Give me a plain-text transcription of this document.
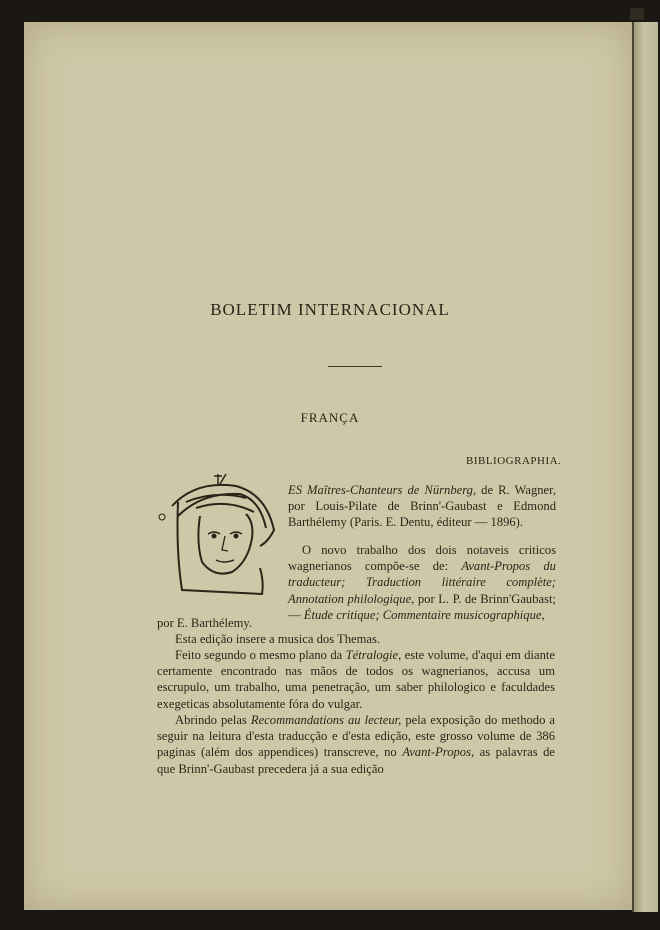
BOLETIM INTERNACIONAL
FRANÇA
BIBLIOGRAPHIA.
ES Maîtres-Chanteurs de Nürnberg, de R. Wagner, por Louis-Pilate de Brinn'-Gaubast e Edmond Barthélemy (Paris. E. Dentu, éditeur — 1896).
O novo trabalho dos dois notaveis criticos wagnerianos compõe-se de: Avant-Propos du traducteur; Traduction littéraire complète; Annotation philologique, por L. P. de Brinn'Gaubast; — Étude critique; Commentaire musicographique,
por E. Barthélemy.
Esta edição insere a musica dos Themas.
Feito segundo o mesmo plano da Tétralogie, este volume, d'aqui em diante certamente encontrado nas mãos de todos os wagnerianos, accusa um escrupulo, um trabalho, uma penetração, um saber philologico e faculdades exegeticas absolutamente fóra do vulgar.
Abrindo pelas Recommandations au lecteur, pela exposição do methodo a seguir na leitura d'esta traducção e d'esta edição, este grosso volume de 386 paginas (além dos appendices) transcreve, no Avant-Propos, as palavras de que Brinn'-Gaubast precedera já a sua edição
